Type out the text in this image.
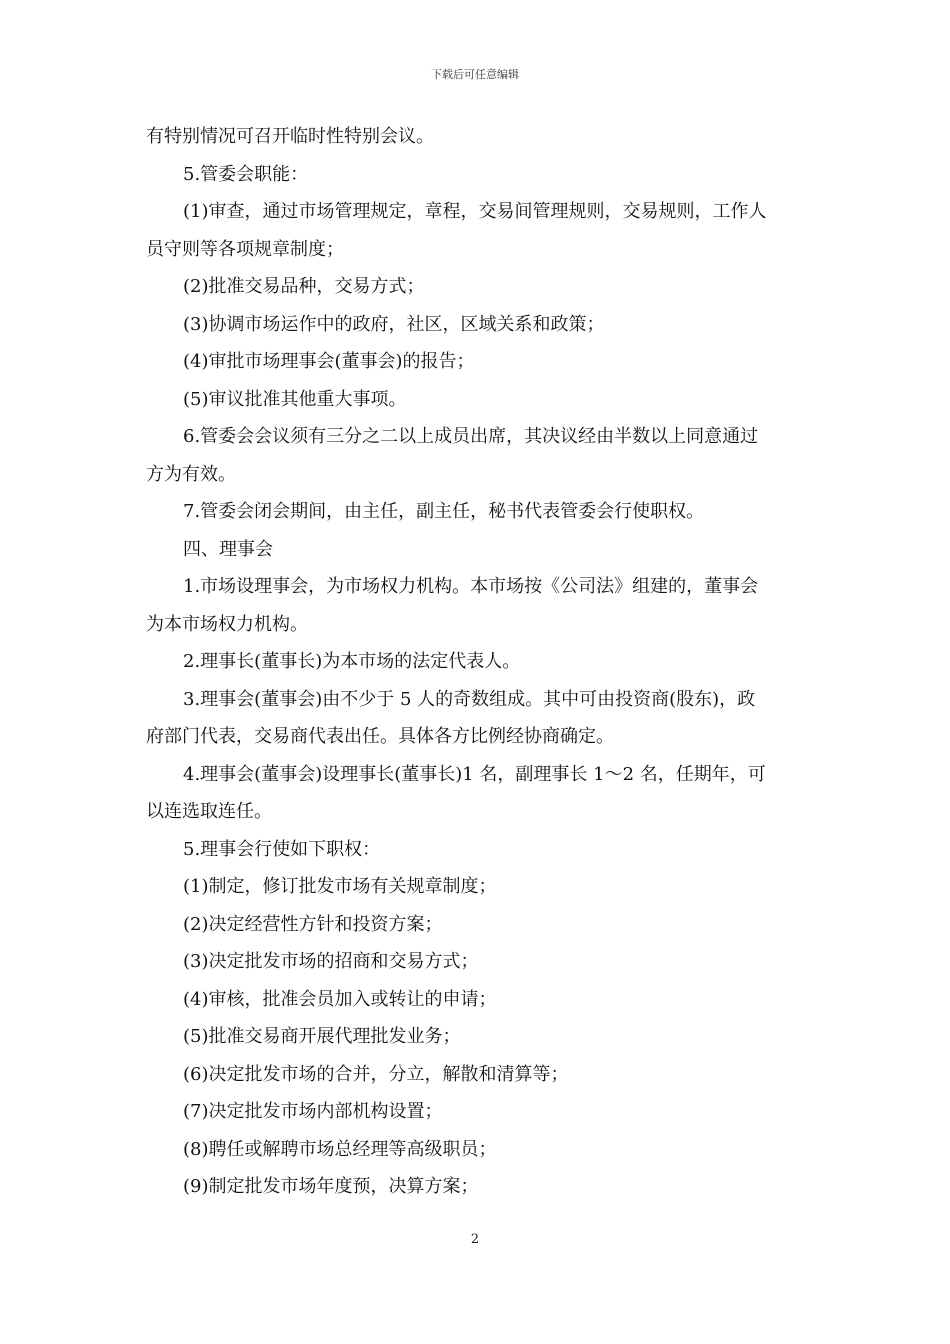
下载后可任意编辑

有特别情况可召开临时性特别会议。

5.管委会职能：

(1)审查，通过市场管理规定，章程，交易间管理规则，交易规则，工作人

员守则等各项规章制度；

(2)批准交易品种，交易方式；

(3)协调市场运作中的政府，社区，区域关系和政策；

(4)审批市场理事会(董事会)的报告；

(5)审议批准其他重大事项。

6.管委会会议须有三分之二以上成员出席，其决议经由半数以上同意通过

方为有效。

7.管委会闭会期间，由主任，副主任，秘书代表管委会行使职权。

四、理事会

1.市场设理事会，为市场权力机构。本市场按《公司法》组建的，董事会

为本市场权力机构。

2.理事长(董事长)为本市场的法定代表人。

3.理事会(董事会)由不少于 5 人的奇数组成。其中可由投资商(股东)，政

府部门代表，交易商代表出任。具体各方比例经协商确定。

4.理事会(董事会)设理事长(董事长)1 名，副理事长 1～2 名，任期年，可

以连选取连任。

5.理事会行使如下职权：

(1)制定，修订批发市场有关规章制度；

(2)决定经营性方针和投资方案；

(3)决定批发市场的招商和交易方式；

(4)审核，批准会员加入或转让的申请；

(5)批准交易商开展代理批发业务；

(6)决定批发市场的合并，分立，解散和清算等；

(7)决定批发市场内部机构设置；

(8)聘任或解聘市场总经理等高级职员；

(9)制定批发市场年度预，决算方案；

2
